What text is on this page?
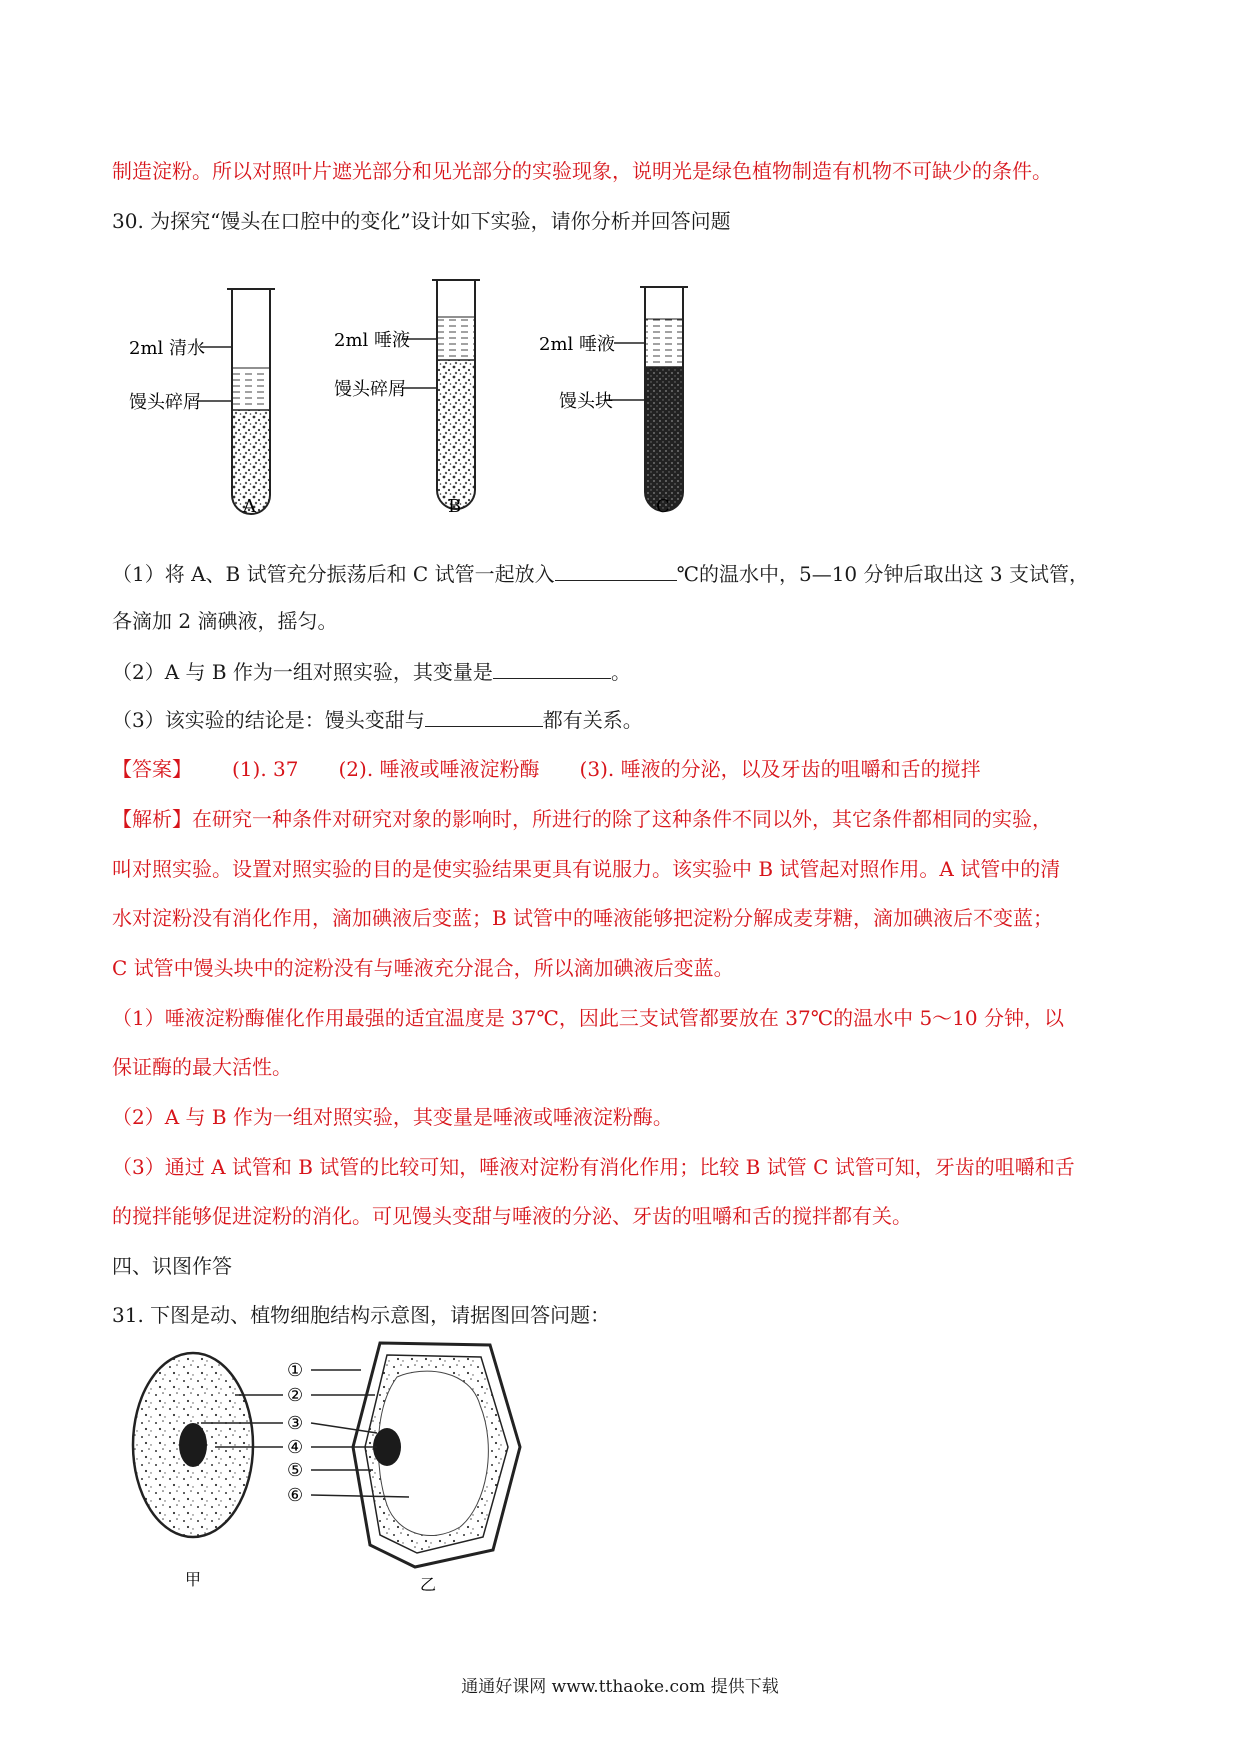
制造淀粉。所以对照叶片遮光部分和见光部分的实验现象，说明光是绿色植物制造有机物不可缺少的条件。
30. 为探究“馒头在口腔中的变化”设计如下实验，请你分析并回答问题
2ml 清水
馒头碎屑
A
2ml 唾液
馒头碎屑
B
2ml 唾液
馒头块
C
（1）将 A、B 试管充分振荡后和 C 试管一起放入	℃的温水中，5—10 分钟后取出这 3 支试管，
各滴加 2 滴碘液，摇匀。
（2）A 与 B 作为一组对照实验，其变量是	。
（3）该实验的结论是：馒头变甜与	都有关系。
【答案】 (1). 37 (2). 唾液或唾液淀粉酶 (3). 唾液的分泌，以及牙齿的咀嚼和舌的搅拌
【解析】在研究一种条件对研究对象的影响时，所进行的除了这种条件不同以外，其它条件都相同的实验，
叫对照实验。设置对照实验的目的是使实验结果更具有说服力。该实验中 B 试管起对照作用。A 试管中的清
水对淀粉没有消化作用，滴加碘液后变蓝；B 试管中的唾液能够把淀粉分解成麦芽糖，滴加碘液后不变蓝；
C 试管中馒头块中的淀粉没有与唾液充分混合，所以滴加碘液后变蓝。
（1）唾液淀粉酶催化作用最强的适宜温度是 37℃，因此三支试管都要放在 37℃的温水中 5～10 分钟，以
保证酶的最大活性。
（2）A 与 B 作为一组对照实验，其变量是唾液或唾液淀粉酶。
（3）通过 A 试管和 B 试管的比较可知，唾液对淀粉有消化作用；比较 B 试管 C 试管可知，牙齿的咀嚼和舌
的搅拌能够促进淀粉的消化。可见馒头变甜与唾液的分泌、牙齿的咀嚼和舌的搅拌都有关。
四、识图作答
31. 下图是动、植物细胞结构示意图，请据图回答问题：
甲	乙
①
②
③
④
⑤
⑥
通通好课网 www.tthaoke.com 提供下载
